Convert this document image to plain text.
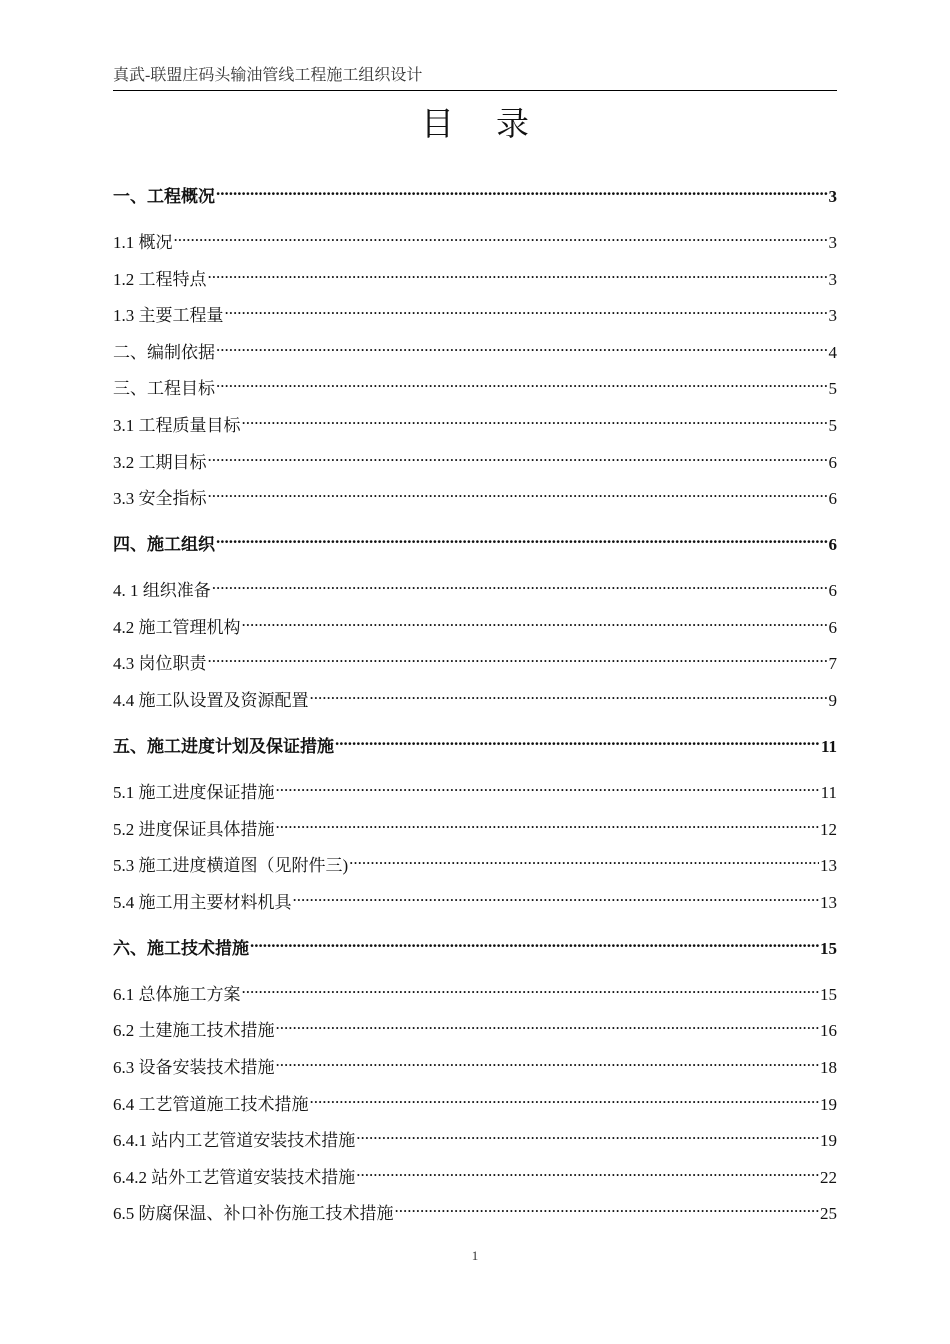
真武-联盟庄码头输油管线工程施工组织设计
目录
一、工程概况 .....	3
1.1 概况 .....	3
1.2 工程特点 .....	3
1.3 主要工程量 .....	3
二、编制依据 .....	4
三、工程目标 .....	5
3.1 工程质量目标 .....	5
3.2 工期目标 .....	6
3.3 安全指标 .....	6
四、施工组织 .....	6
4. 1 组织准备 .....	6
4.2 施工管理机构 .....	6
4.3 岗位职责 .....	7
4.4 施工队设置及资源配置 .....	9
五、施工进度计划及保证措施 .....	11
5.1 施工进度保证措施 .....	11
5.2 进度保证具体措施 .....	12
5.3 施工进度横道图（见附件三) .....	13
5.4 施工用主要材料机具 .....	13
六、施工技术措施 .....	15
6.1 总体施工方案 .....	15
6.2 土建施工技术措施 .....	16
6.3 设备安装技术措施 .....	18
6.4 工艺管道施工技术措施 .....	19
6.4.1 站内工艺管道安装技术措施 .....	19
6.4.2 站外工艺管道安装技术措施 .....	22
6.5 防腐保温、补口补伤施工技术措施 .....	25
1
